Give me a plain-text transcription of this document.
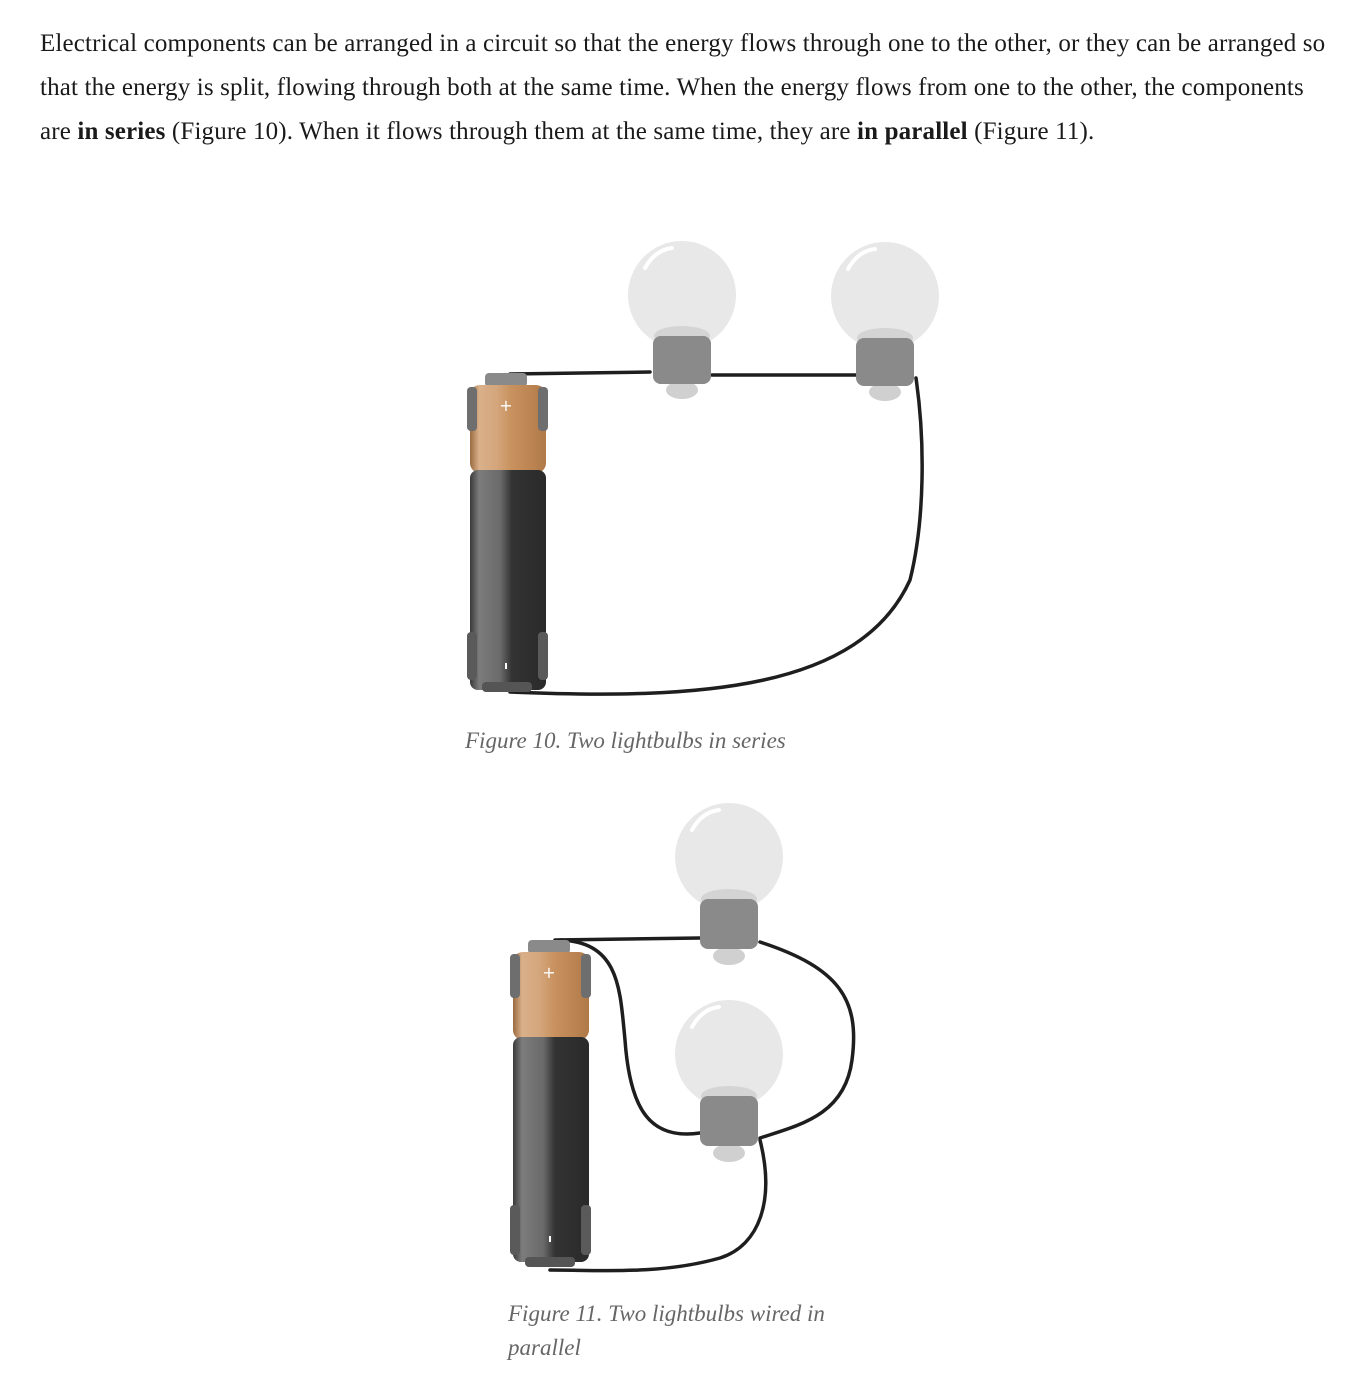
Electrical components can be arranged in a circuit so that the energy flows through one to the other, or they can be arranged so that the energy is split, flowing through both at the same time. When the energy flows from one to the other, the components are in series (Figure 10). When it flows through them at the same time, they are in parallel (Figure 11).

+
+

Figure 10. Two lightbulbs in series

Figure 11. Two lightbulbs wired in parallel
